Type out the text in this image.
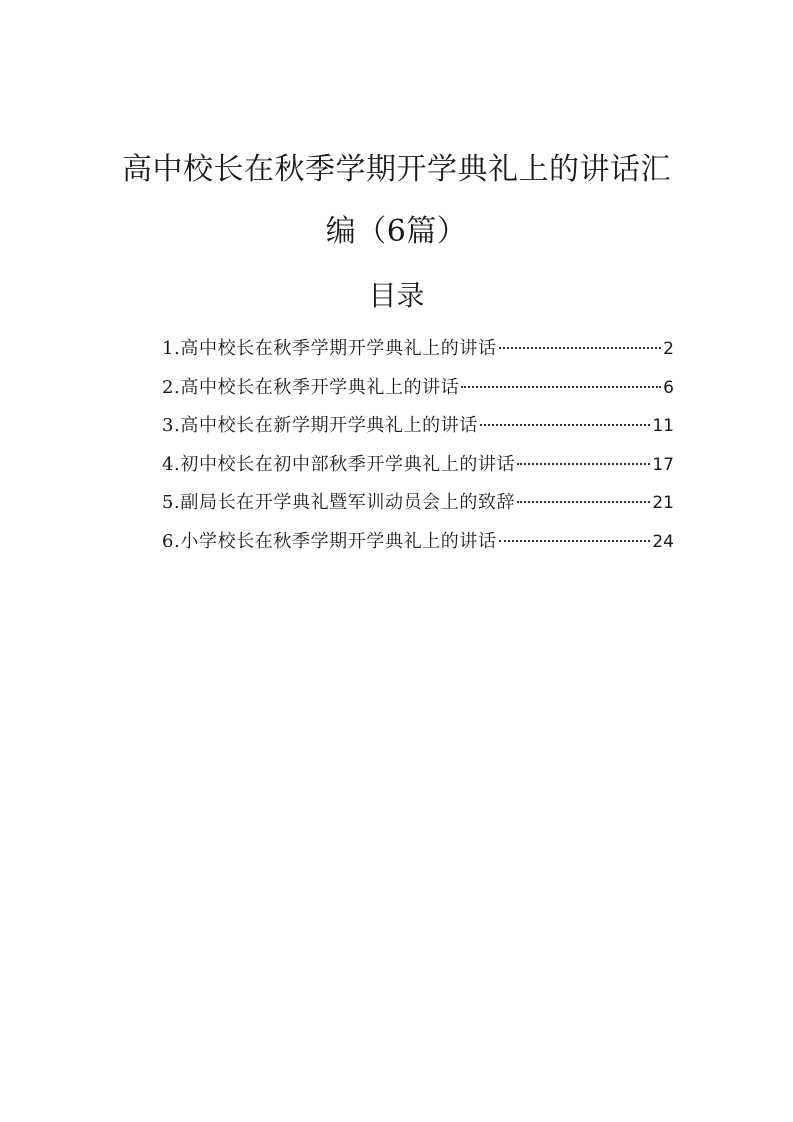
高中校长在秋季学期开学典礼上的讲话汇
编（6篇）
目录
1.高中校长在秋季学期开学典礼上的讲话	2
2.高中校长在秋季开学典礼上的讲话	6
3.高中校长在新学期开学典礼上的讲话	11
4.初中校长在初中部秋季开学典礼上的讲话	17
5.副局长在开学典礼暨军训动员会上的致辞	21
6.小学校长在秋季学期开学典礼上的讲话	24
